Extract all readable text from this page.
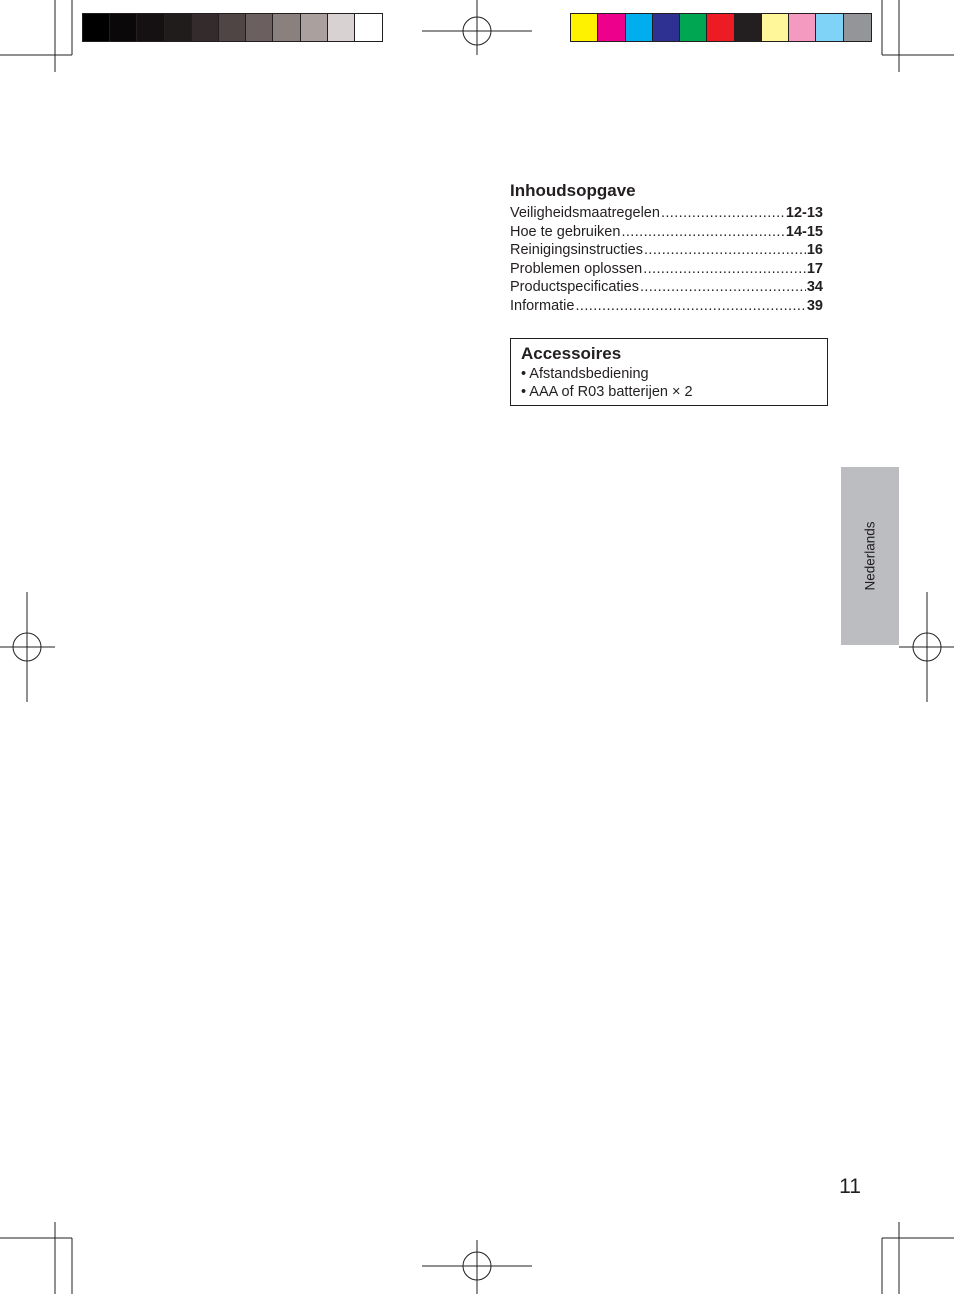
Inhoudsopgave
Veiligheidsmaatregelen .....	12-13
Hoe te gebruiken .....	14-15
Reinigingsinstructies .....	16
Problemen oplossen .....	17
Productspecificaties .....	34
Informatie .....	39
Accessoires
• Afstandsbediening
• AAA of R03 batterijen × 2
Nederlands
11
